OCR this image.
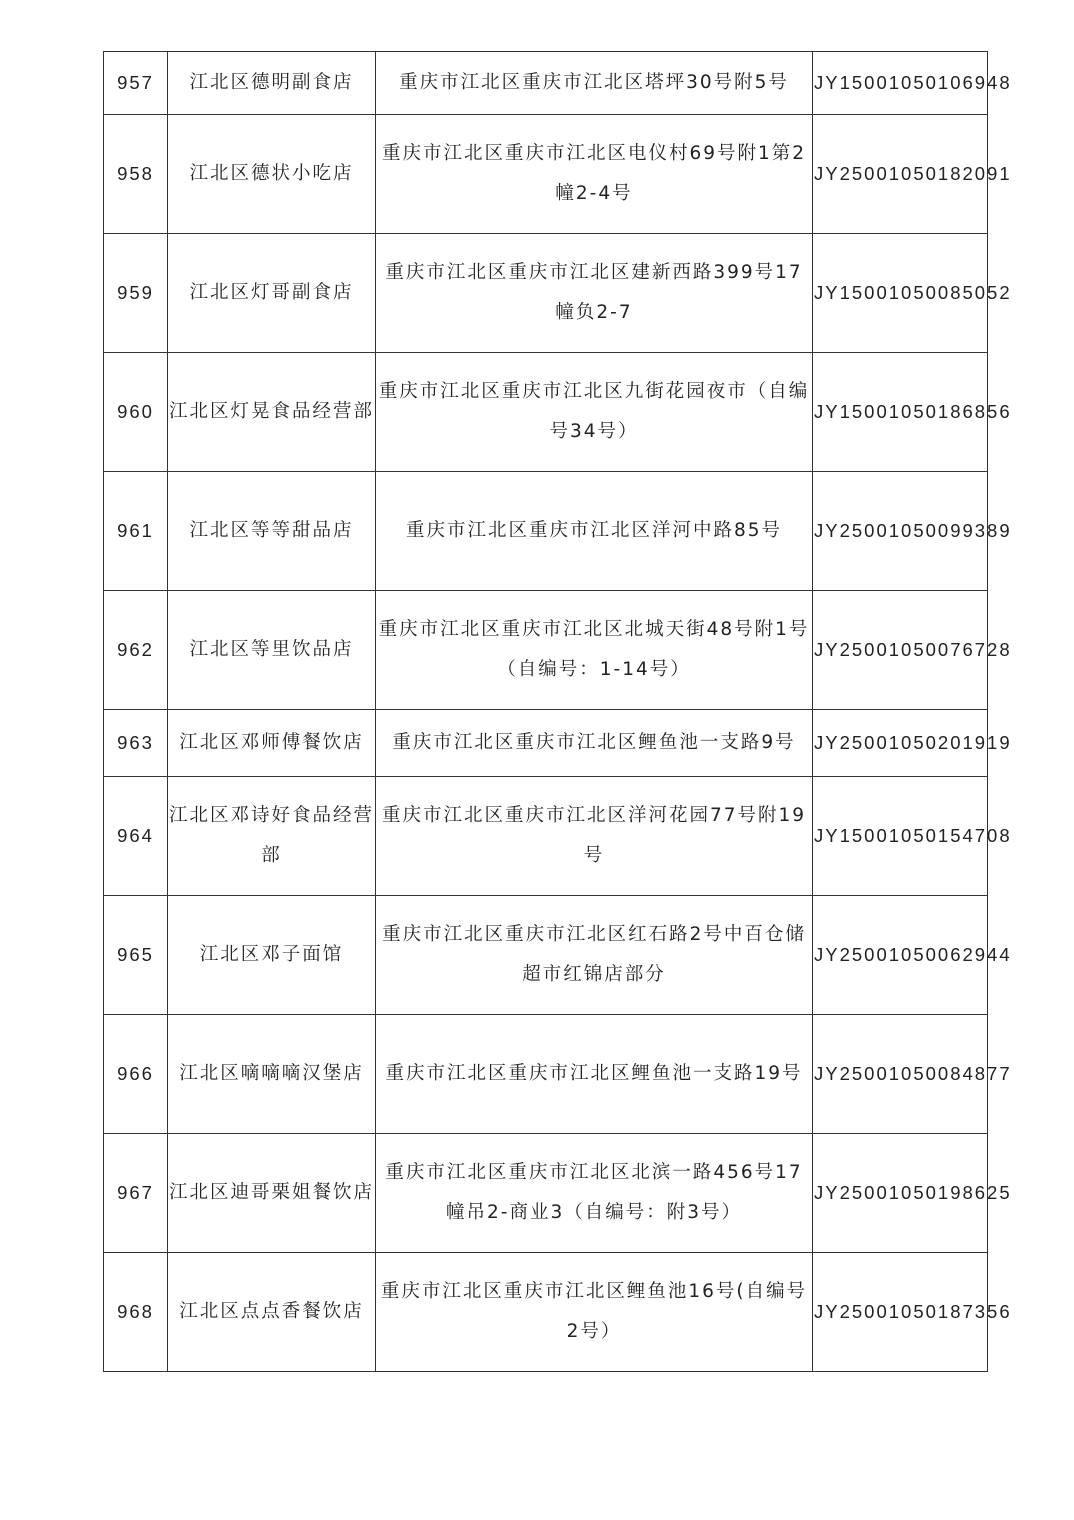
957	江北区德明副食店	重庆市江北区重庆市江北区塔坪30号附5号	JY15001050106948
958	江北区德状小吃店	重庆市江北区重庆市江北区电仪村69号附1第2幢2-4号	JY25001050182091
959	江北区灯哥副食店	重庆市江北区重庆市江北区建新西路399号17幢负2-7	JY15001050085052
960	江北区灯晃食品经营部	重庆市江北区重庆市江北区九街花园夜市（自编号34号）	JY15001050186856
961	江北区等等甜品店	重庆市江北区重庆市江北区洋河中路85号	JY25001050099389
962	江北区等里饮品店	重庆市江北区重庆市江北区北城天街48号附1号（自编号：1-14号）	JY25001050076728
963	江北区邓师傅餐饮店	重庆市江北区重庆市江北区鲤鱼池一支路9号	JY25001050201919
964	江北区邓诗好食品经营部	重庆市江北区重庆市江北区洋河花园77号附19号	JY15001050154708
965	江北区邓子面馆	重庆市江北区重庆市江北区红石路2号中百仓储超市红锦店部分	JY25001050062944
966	江北区嘀嘀嘀汉堡店	重庆市江北区重庆市江北区鲤鱼池一支路19号	JY25001050084877
967	江北区迪哥栗姐餐饮店	重庆市江北区重庆市江北区北滨一路456号17幢吊2-商业3（自编号：附3号）	JY25001050198625
968	江北区点点香餐饮店	重庆市江北区重庆市江北区鲤鱼池16号(自编号2号）	JY25001050187356
